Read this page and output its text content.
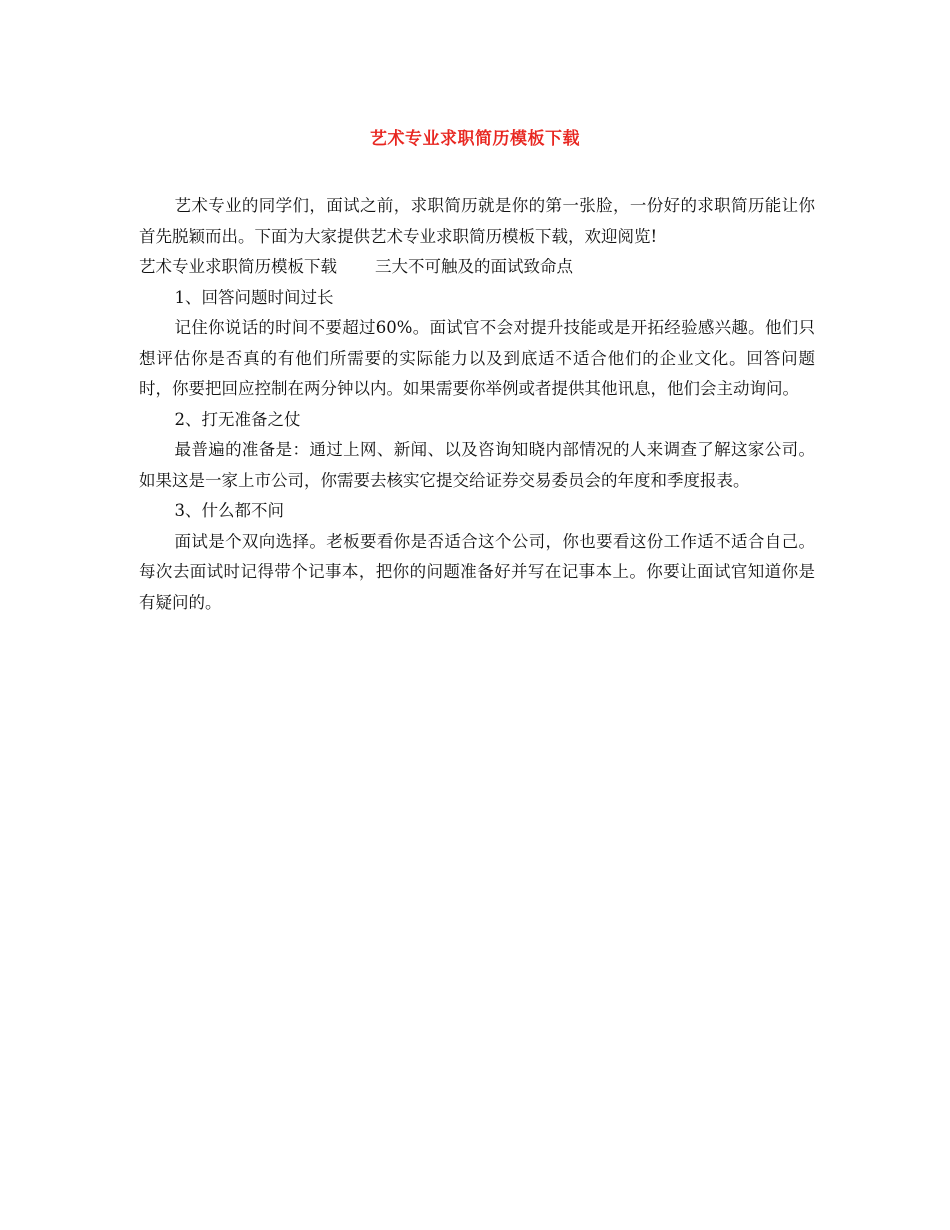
艺术专业求职简历模板下载

艺术专业的同学们，面试之前，求职简历就是你的第一张脸，一份好的求职简历能让你首先脱颖而出。下面为大家提供艺术专业求职简历模板下载，欢迎阅览!

艺术专业求职简历模板下载 三大不可触及的面试致命点

1、回答问题时间过长

记住你说话的时间不要超过60%。面试官不会对提升技能或是开拓经验感兴趣。他们只想评估你是否真的有他们所需要的实际能力以及到底适不适合他们的企业文化。回答问题时，你要把回应控制在两分钟以内。如果需要你举例或者提供其他讯息，他们会主动询问。

2、打无准备之仗

最普遍的准备是：通过上网、新闻、以及咨询知晓内部情况的人来调查了解这家公司。如果这是一家上市公司，你需要去核实它提交给证券交易委员会的年度和季度报表。

3、什么都不问

面试是个双向选择。老板要看你是否适合这个公司，你也要看这份工作适不适合自己。每次去面试时记得带个记事本，把你的问题准备好并写在记事本上。你要让面试官知道你是有疑问的。
